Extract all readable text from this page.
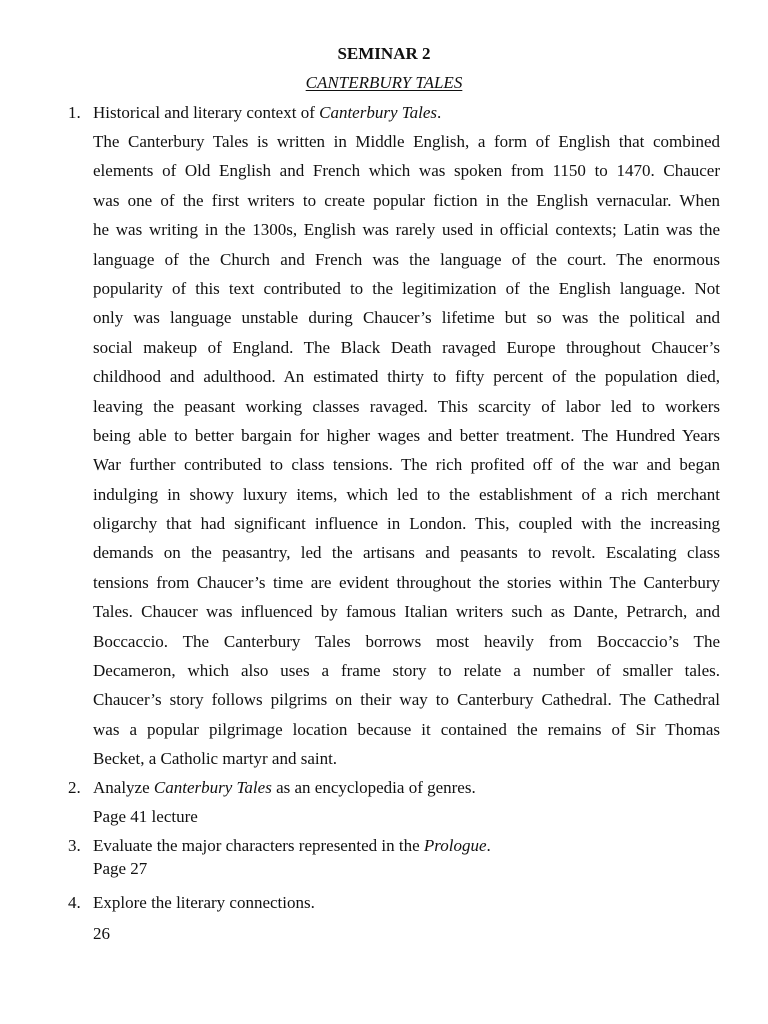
SEMINAR 2
CANTERBURY TALES
1. Historical and literary context of Canterbury Tales.
The Canterbury Tales is written in Middle English, a form of English that combined
elements of Old English and French which was spoken from 1150 to 1470. Chaucer
was one of the first writers to create popular fiction in the English vernacular. When
he was writing in the 1300s, English was rarely used in official contexts; Latin was the
language of the Church and French was the language of the court. The enormous
popularity of this text contributed to the legitimization of the English language. Not
only was language unstable during Chaucer’s lifetime but so was the political and
social makeup of England. The Black Death ravaged Europe throughout Chaucer’s
childhood and adulthood. An estimated thirty to fifty percent of the population died,
leaving the peasant working classes ravaged. This scarcity of labor led to workers
being able to better bargain for higher wages and better treatment. The Hundred Years
War further contributed to class tensions. The rich profited off of the war and began
indulging in showy luxury items, which led to the establishment of a rich merchant
oligarchy that had significant influence in London. This, coupled with the increasing
demands on the peasantry, led the artisans and peasants to revolt. Escalating class
tensions from Chaucer’s time are evident throughout the stories within The Canterbury
Tales. Chaucer was influenced by famous Italian writers such as Dante, Petrarch, and
Boccaccio. The Canterbury Tales borrows most heavily from Boccaccio’s The
Decameron, which also uses a frame story to relate a number of smaller tales.
Chaucer’s story follows pilgrims on their way to Canterbury Cathedral. The Cathedral
was a popular pilgrimage location because it contained the remains of Sir Thomas
Becket, a Catholic martyr and saint.
2. Analyze Canterbury Tales as an encyclopedia of genres.
Page 41 lecture
3. Evaluate the major characters represented in the Prologue.
Page 27
4. Explore the literary connections.
26
